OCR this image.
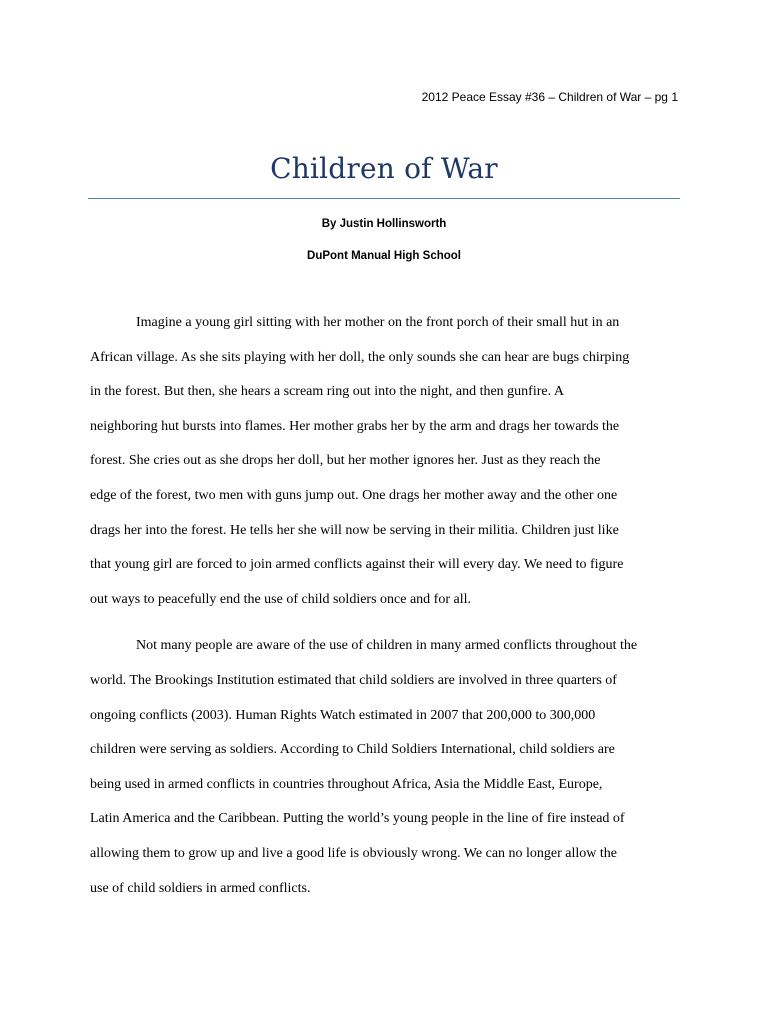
2012 Peace Essay #36 – Children of War – pg 1
Children of War
By Justin Hollinsworth
DuPont Manual High School
Imagine a young girl sitting with her mother on the front porch of their small hut in an
African village. As she sits playing with her doll, the only sounds she can hear are bugs chirping
in the forest. But then, she hears a scream ring out into the night, and then gunfire. A
neighboring hut bursts into flames. Her mother grabs her by the arm and drags her towards the
forest. She cries out as she drops her doll, but her mother ignores her. Just as they reach the
edge of the forest, two men with guns jump out. One drags her mother away and the other one
drags her into the forest. He tells her she will now be serving in their militia. Children just like
that young girl are forced to join armed conflicts against their will every day. We need to figure
out ways to peacefully end the use of child soldiers once and for all.
Not many people are aware of the use of children in many armed conflicts throughout the
world. The Brookings Institution estimated that child soldiers are involved in three quarters of
ongoing conflicts (2003). Human Rights Watch estimated in 2007 that 200,000 to 300,000
children were serving as soldiers. According to Child Soldiers International, child soldiers are
being used in armed conflicts in countries throughout Africa, Asia the Middle East, Europe,
Latin America and the Caribbean. Putting the world’s young people in the line of fire instead of
allowing them to grow up and live a good life is obviously wrong. We can no longer allow the
use of child soldiers in armed conflicts.
